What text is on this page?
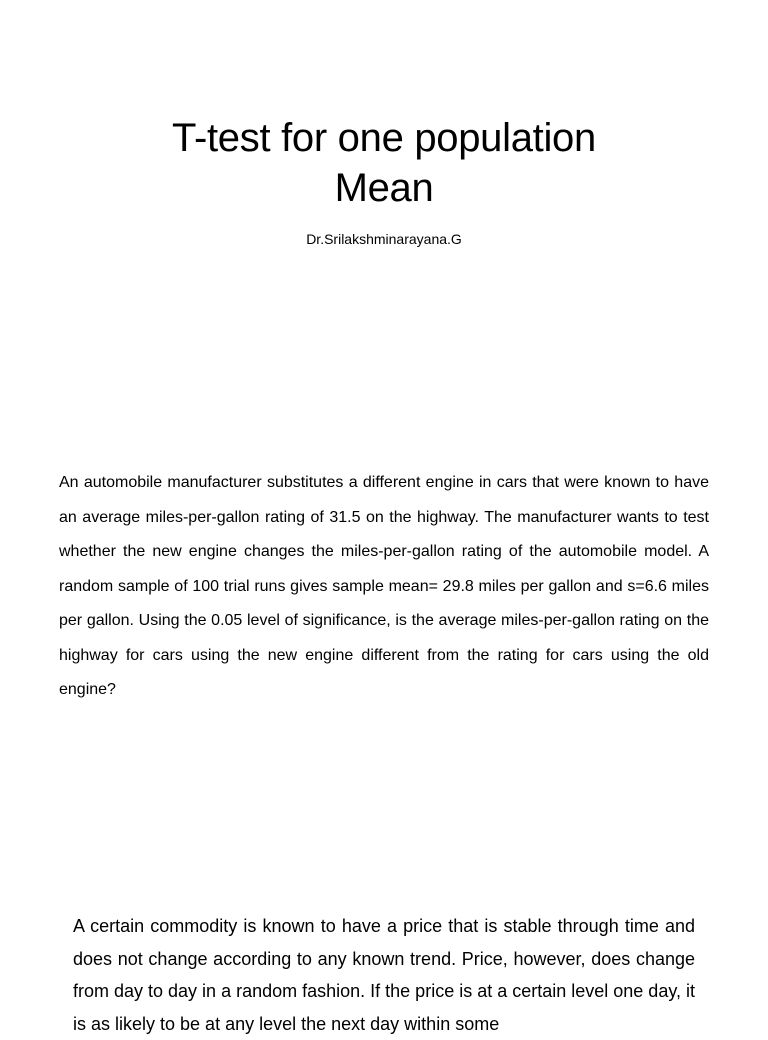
T-test for one population
Mean
Dr.Srilakshminarayana.G

An automobile manufacturer substitutes a different engine in cars that were known to have an average miles-per-gallon rating of 31.5 on the highway. The manufacturer wants to test whether the new engine changes the miles-per-gallon rating of the automobile model. A random sample of 100 trial runs gives sample mean= 29.8 miles per gallon and s=6.6 miles per gallon. Using the 0.05 level of significance, is the average miles-per-gallon rating on the highway for cars using the new engine different from the rating for cars using the old engine?

A certain commodity is known to have a price that is stable through time and does not change according to any known trend. Price, however, does change from day to day in a random fashion. If the price is at a certain level one day, it is as likely to be at any level the next day within some
